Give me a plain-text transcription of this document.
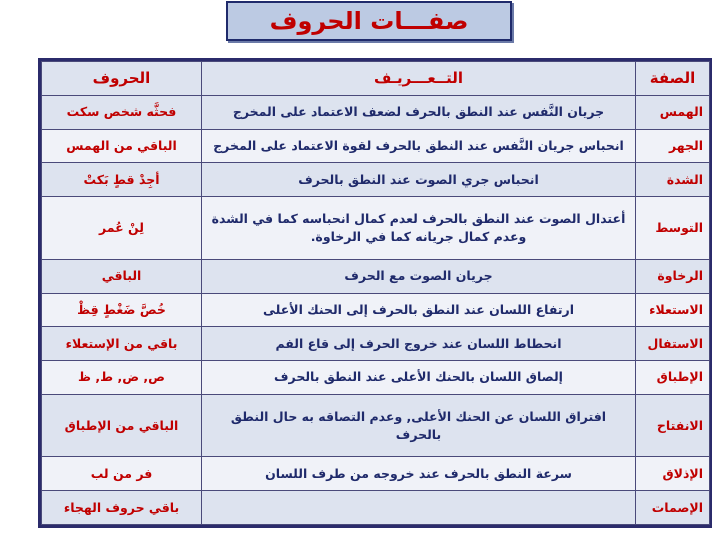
صفـــات الحروف
الصفة	التــعـــريـف	الحروف
الهمس	جريان النَّفس عند النطق بالحرف لضعف الاعتماد على المخرج	فحثَّه شخص سكت
الجهر	انحباس جريان النَّفس عند النطق بالحرف لقوة الاعتماد على المخرج	الباقي من الهمس
الشدة	انحباس جري الصوت عند النطق بالحرف	أجِدْ قطٍ بَكتْ
التوسط	أعتدال الصوت عند النطق بالحرف لعدم كمال انحباسه كما في الشدة وعدم كمال جريانه كما في الرخاوة.	لِنْ عُمر
الرخاوة	جريان الصوت مع الحرف	الباقي
الاستعلاء	ارتفاع اللسان عند النطق بالحرف إلى الحنك الأعلى	خُصَّ ضَغْطٍ قِظْ
الاستفال	انحطاط اللسان عند خروج الحرف إلى قاع الفم	باقي من الإستعلاء
الإطباق	إلصاق اللسان بالحنك الأعلى عند النطق بالحرف	ص, ض, ط, ظ
الانفتاح	افتراق اللسان عن الحنك الأعلى, وعدم التصاقه به حال النطق بالحرف	الباقي من الإطباق
الإذلاق	سرعة النطق بالحرف عند خروجه من طرف اللسان	فر من لب
الإصمات		باقي حروف الهجاء
